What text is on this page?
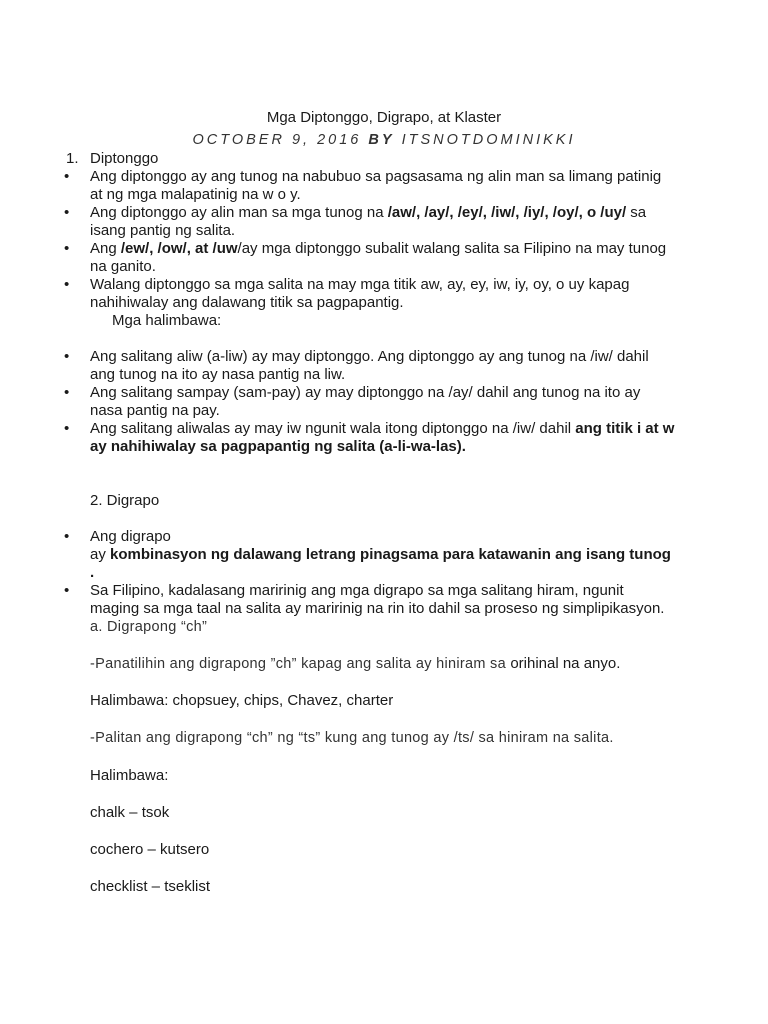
Mga Diptonggo, Digrapo, at Klaster
OCTOBER 9, 2016 BY ITSNOTDOMINIKKI
1. Diptonggo
• Ang diptonggo ay ang tunog na nabubuo sa pagsasama ng alin man sa limang patinig
at ng mga malapatinig na w o y.
• Ang diptonggo ay alin man sa mga tunog na /aw/, /ay/, /ey/, /iw/, /iy/, /oy/, o /uy/ sa
isang pantig ng salita.
• Ang /ew/, /ow/, at /uw/ay mga diptonggo subalit walang salita sa Filipino na may tunog
na ganito.
• Walang diptonggo sa mga salita na may mga titik aw, ay, ey, iw, iy, oy, o uy kapag
nahihiwalay ang dalawang titik sa pagpapantig.
Mga halimbawa:
• Ang salitang aliw (a-liw) ay may diptonggo. Ang diptonggo ay ang tunog na /iw/ dahil
ang tunog na ito ay nasa pantig na liw.
• Ang salitang sampay (sam-pay) ay may diptonggo na /ay/ dahil ang tunog na ito ay
nasa pantig na pay.
• Ang salitang aliwalas ay may iw ngunit wala itong diptonggo na /iw/ dahil ang titik i at w
ay nahihiwalay sa pagpapantig ng salita (a-li-wa-las).
2. Digrapo
• Ang digrapo
ay kombinasyon ng dalawang letrang pinagsama para katawanin ang isang tunog
.
• Sa Filipino, kadalasang maririnig ang mga digrapo sa mga salitang hiram, ngunit
maging sa mga taal na salita ay maririnig na rin ito dahil sa proseso ng simplipikasyon.
a. Digrapong “ch”
-Panatilihin ang digrapong ”ch” kapag ang salita ay hiniram sa orihinal na anyo.
Halimbawa: chopsuey, chips, Chavez, charter
-Palitan ang digrapong “ch” ng “ts” kung ang tunog ay /ts/ sa hiniram na salita.
Halimbawa:
chalk – tsok
cochero – kutsero
checklist – tseklist
